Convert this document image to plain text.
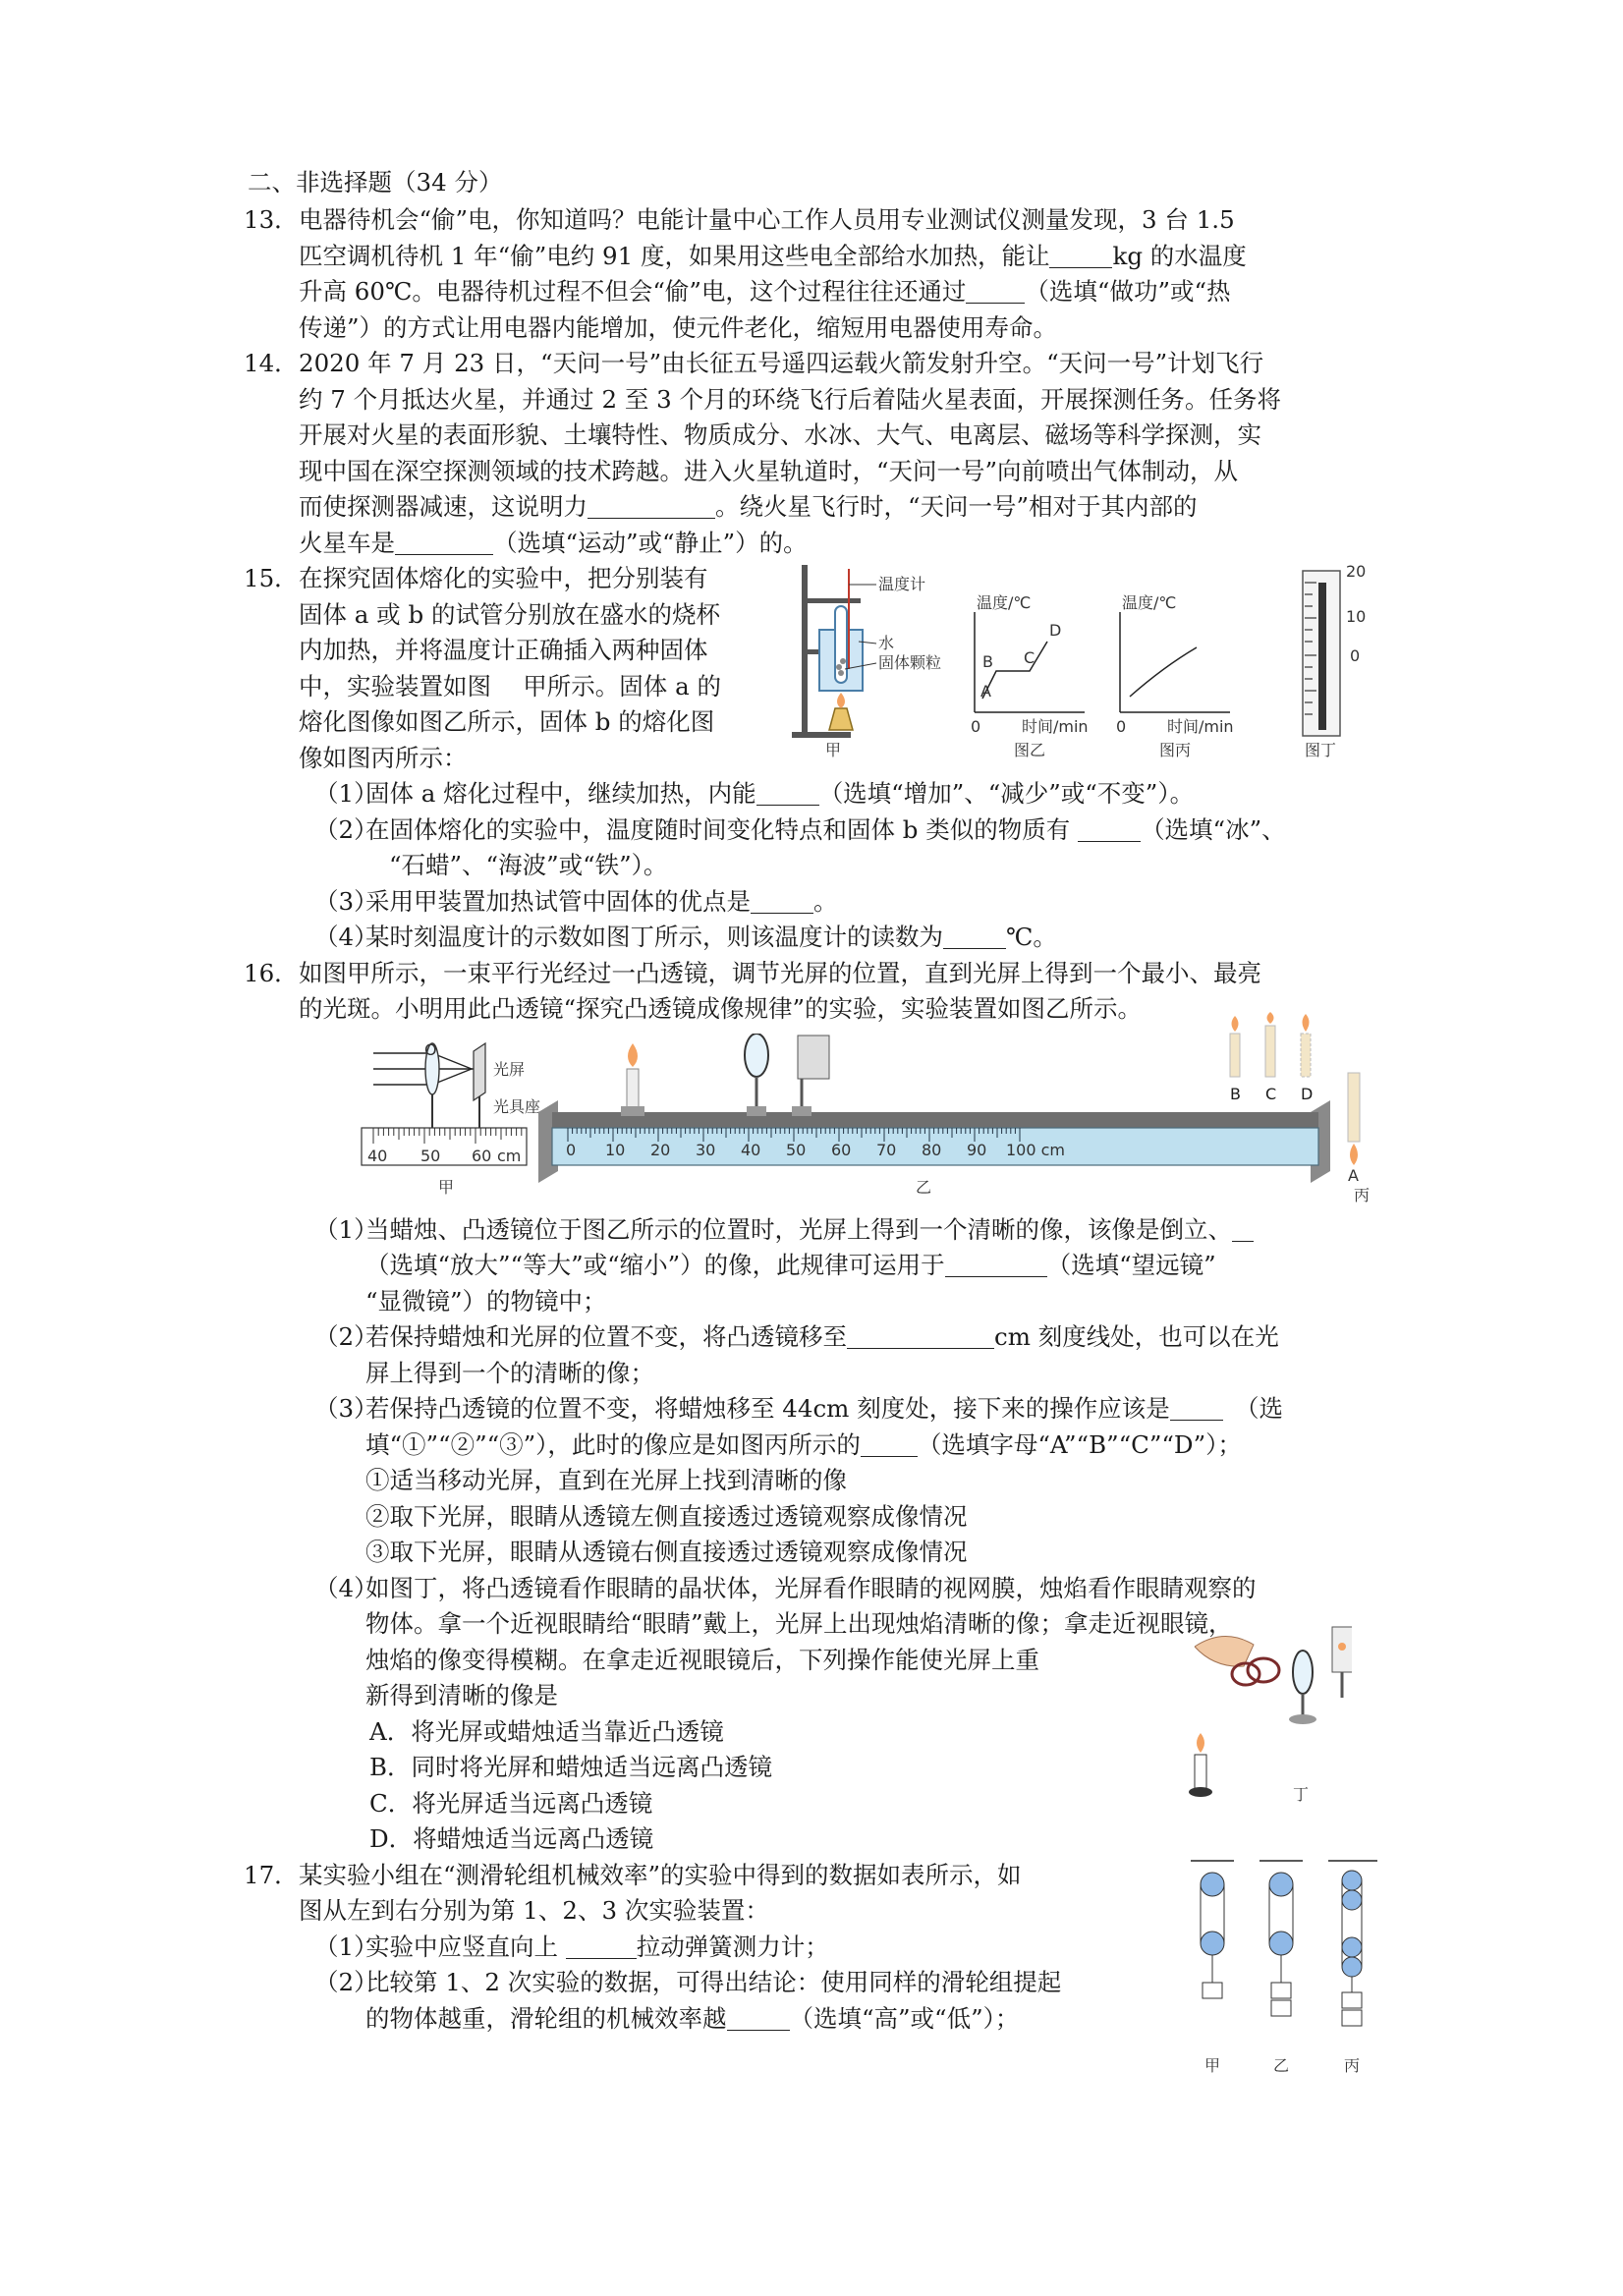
二、非选择题（34 分）
13． 电器待机会“偷”电，你知道吗？电能计量中心工作人员用专业测试仪测量发现，3 台 1.5
匹空调机待机 1 年“偷”电约 91 度，如果用这些电全部给水加热，能让	kg 的水温度
升高 60℃。电器待机过程不但会“偷”电，这个过程往往还通过 （选填“做功”或“热
传递”）的方式让用电器内能增加，使元件老化，缩短用电器使用寿命。
14． 2020 年 7 月 23 日，“天问一号”由长征五号遥四运载火箭发射升空。“天问一号”计划飞行
约 7 个月抵达火星，并通过 2 至 3 个月的环绕飞行后着陆火星表面，开展探测任务。任务将
开展对火星的表面形貌、土壤特性、物质成分、水冰、大气、电离层、磁场等科学探测，实
现中国在深空探测领域的技术跨越。进入火星轨道时，“天问一号”向前喷出气体制动，从
而使探测器减速，这说明力	。绕火星飞行时，“天问一号”相对于其内部的
火星车是	（选填“运动”或“静止”）的。
15． 在探究固体熔化的实验中，把分别装有
固体 a 或 b 的试管分别放在盛水的烧杯
内加热，并将温度计正确插入两种固体
中，实验装置如图　 甲所示。固体 a 的
熔化图像如图乙所示，固体 b 的熔化图
像如图丙所示：
温度计
水
固体颗粒
甲
0
温度/℃
时间/min
A
B C
D
图乙
0
温度/℃
时间/min
图丙
20
10
0
图丁
（1）
固体 a 熔化过程中，继续加热，内能	（选填“增加”、“减少”或“不变”）。
（2）
在固体熔化的实验中，温度随时间变化特点和固体 b 类似的物质有	（选填“冰”、
“石蜡”、“海波”或“铁”）。
（3）
采用甲装置加热试管中固体的优点是	。
（4）
某时刻温度计的示数如图丁所示，则该温度计的读数为	℃。
16． 如图甲所示，一束平行光经过一凸透镜，调节光屏的位置，直到光屏上得到一个最小、最亮
的光斑。小明用此凸透镜“探究凸透镜成像规律”的实验，实验装置如图乙所示。
O
光屏
光具座
40 50 60 cm
甲
0 10 20 30 40 50 60 70 80 90 100 cm
乙
A
丙
B C D
（1）
当蜡烛、凸透镜位于图乙所示的位置时，光屏上得到一个清晰的像，该像是倒立、
（选填“放大”“等大”或“缩小”）的像，此规律可运用于	（选填“望远镜”
“显微镜”）的物镜中；
（2）
若保持蜡烛和光屏的位置不变，将凸透镜移至	cm 刻度线处，也可以在光
屏上得到一个的清晰的像；
（3）
若保持凸透镜的位置不变，将蜡烛移至 44cm 刻度处，接下来的操作应该是　	（选
填“①”“②”“③”），此时的像应是如图丙所示的 （选填字母“A”“B”“C”“D”）；
①适当移动光屏，直到在光屏上找到清晰的像
②取下光屏，眼睛从透镜左侧直接透过透镜观察成像情况
③取下光屏，眼睛从透镜右侧直接透过透镜观察成像情况
（4）
如图丁，将凸透镜看作眼睛的晶状体，光屏看作眼睛的视网膜，烛焰看作眼睛观察的
物体。拿一个近视眼睛给“眼睛”戴上，光屏上出现烛焰清晰的像；拿走近视眼镜，
烛焰的像变得模糊。在拿走近视眼镜后，下列操作能使光屏上重
新得到清晰的像是
A．将光屏或蜡烛适当靠近凸透镜
B．同时将光屏和蜡烛适当远离凸透镜
C．将光屏适当远离凸透镜
D．将蜡烛适当远离凸透镜
丁
17． 某实验小组在“测滑轮组机械效率”的实验中得到的数据如表所示，如
图从左到右分别为第 1、2、3 次实验装置：
（1）
实验中应竖直向上	拉动弹簧测力计；
（2）
比较第 1、2 次实验的数据，可得出结论：使用同样的滑轮组提起
的物体越重，滑轮组的机械效率越	（选填“高”或“低”）；
甲	乙	丙
